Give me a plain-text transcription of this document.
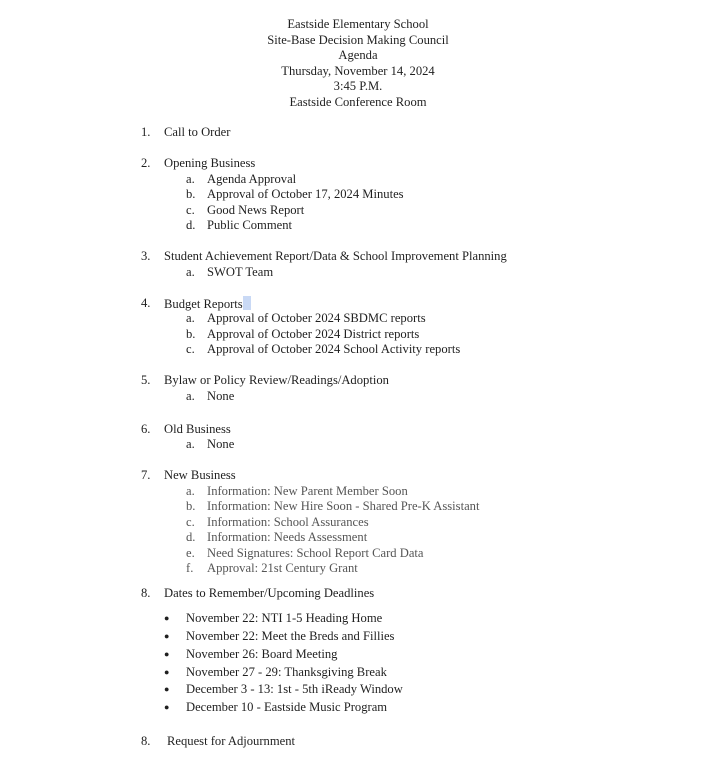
Eastside Elementary School
Site-Base Decision Making Council
Agenda
Thursday, November 14, 2024
3:45 P.M.
Eastside Conference Room
1. Call to Order
2. Opening Business
a. Agenda Approval
b. Approval of October 17, 2024 Minutes
c. Good News Report
d. Public Comment
3. Student Achievement Report/Data & School Improvement Planning
a. SWOT Team
4. Budget Reports
a. Approval of October 2024 SBDMC reports
b. Approval of October 2024 District reports
c. Approval of October 2024 School Activity reports
5. Bylaw or Policy Review/Readings/Adoption
a. None
6. Old Business
a. None
7. New Business
a. Information: New Parent Member Soon
b. Information: New Hire Soon - Shared Pre-K Assistant
c. Information: School Assurances
d. Information: Needs Assessment
e. Need Signatures: School Report Card Data
f. Approval: 21st Century Grant
8. Dates to Remember/Upcoming Deadlines
● November 22: NTI 1-5 Heading Home
● November 22: Meet the Breds and Fillies
● November 26: Board Meeting
● November 27 - 29: Thanksgiving Break
● December 3 - 13: 1st - 5th iReady Window
● December 10 - Eastside Music Program
8. Request for Adjournment
